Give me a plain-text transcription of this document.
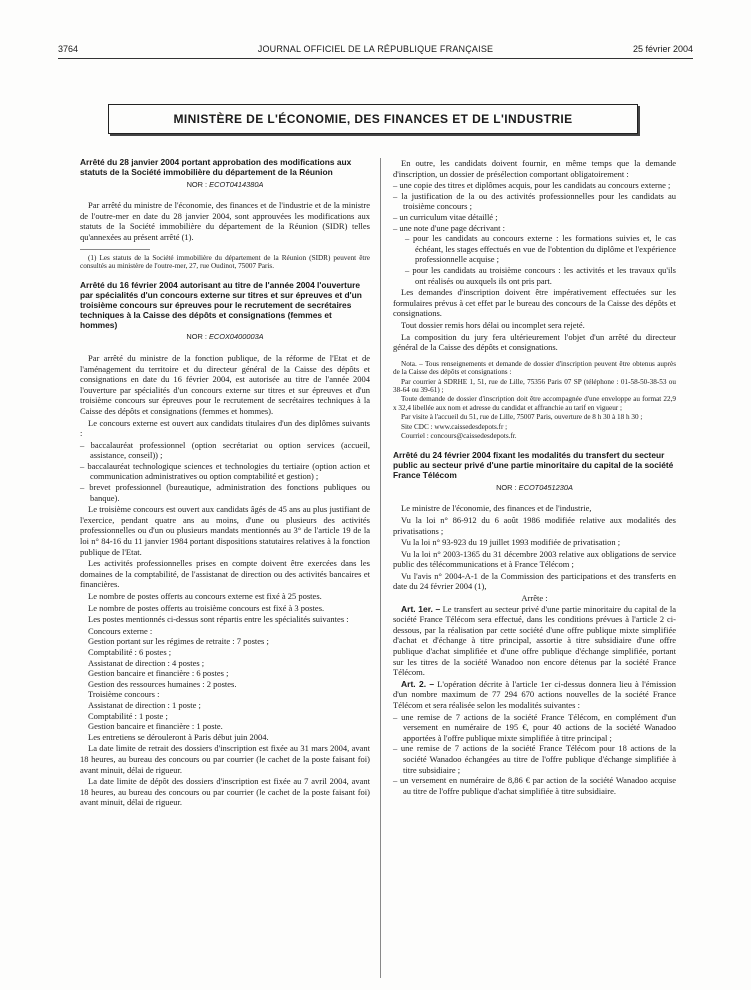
3764	JOURNAL OFFICIEL DE LA RÉPUBLIQUE FRANÇAISE	25 février 2004
MINISTÈRE DE L'ÉCONOMIE, DES FINANCES ET DE L'INDUSTRIE
Arrêté du 28 janvier 2004 portant approbation des modifications aux statuts de la Société immobilière du département de la Réunion
NOR : ECOT0414380A

Par arrêté du ministre de l'économie, des finances et de l'industrie et de la ministre de l'outre-mer en date du 28 janvier 2004, sont approuvées les modifications aux statuts de la Société immobilière du département de la Réunion (SIDR) telles qu'annexées au présent arrêté (1).

(1) Les statuts de la Société immobilière du département de la Réunion (SIDR) peuvent être consultés au ministère de l'outre-mer, 27, rue Oudinot, 75007 Paris.

Arrêté du 16 février 2004 autorisant au titre de l'année 2004 l'ouverture par spécialités d'un concours externe sur titres et sur épreuves et d'un troisième concours sur épreuves pour le recrutement de secrétaires techniques à la Caisse des dépôts et consignations (femmes et hommes)
NOR : ECOX0400003A

Par arrêté du ministre de la fonction publique, de la réforme de l'Etat et de l'aménagement du territoire et du directeur général de la Caisse des dépôts et consignations en date du 16 février 2004, est autorisée au titre de l'année 2004 l'ouverture par spécialités d'un concours externe sur titres et sur épreuves et d'un troisième concours sur épreuves pour le recrutement de secrétaires techniques à la Caisse des dépôts et consignations (femmes et hommes).

Le concours externe est ouvert aux candidats titulaires d'un des diplômes suivants :

– baccalauréat professionnel (option secrétariat ou option services (accueil, assistance, conseil)) ;
– baccalauréat technologique sciences et technologies du tertiaire (option action et communication administratives ou option comptabilité et gestion) ;
– brevet professionnel (bureautique, administration des fonctions publiques ou banque).

Le troisième concours est ouvert aux candidats âgés de 45 ans au plus justifiant de l'exercice, pendant quatre ans au moins, d'une ou plusieurs des activités professionnelles ou d'un ou plusieurs mandats mentionnés au 3° de l'article 19 de la loi n° 84-16 du 11 janvier 1984 portant dispositions statutaires relatives à la fonction publique de l'Etat.

Les activités professionnelles prises en compte doivent être exercées dans les domaines de la comptabilité, de l'assistanat de direction ou des activités bancaires et financières.

Le nombre de postes offerts au concours externe est fixé à 25 postes.

Le nombre de postes offerts au troisième concours est fixé à 3 postes.

Les postes mentionnés ci-dessus sont répartis entre les spécialités suivantes :

Concours externe :
Gestion portant sur les régimes de retraite : 7 postes ;
Comptabilité : 6 postes ;
Assistanat de direction : 4 postes ;
Gestion bancaire et financière : 6 postes ;
Gestion des ressources humaines : 2 postes.
Troisième concours :
Assistanat de direction : 1 poste ;
Comptabilité : 1 poste ;
Gestion bancaire et financière : 1 poste.

Les entretiens se dérouleront à Paris début juin 2004.

La date limite de retrait des dossiers d'inscription est fixée au 31 mars 2004, avant 18 heures, au bureau des concours ou par courrier (le cachet de la poste faisant foi) avant minuit, délai de rigueur.

La date limite de dépôt des dossiers d'inscription est fixée au 7 avril 2004, avant 18 heures, au bureau des concours ou par courrier (le cachet de la poste faisant foi) avant minuit, délai de rigueur.

En outre, les candidats doivent fournir, en même temps que la demande d'inscription, un dossier de présélection comportant obligatoirement :

– une copie des titres et diplômes acquis, pour les candidats au concours externe ;
– la justification de la ou des activités professionnelles pour les candidats au troisième concours ;
– un curriculum vitae détaillé ;
– une note d'une page décrivant :
– pour les candidats au concours externe : les formations suivies et, le cas échéant, les stages effectués en vue de l'obtention du diplôme et l'expérience professionnelle acquise ;
– pour les candidats au troisième concours : les activités et les travaux qu'ils ont réalisés ou auxquels ils ont pris part.

Les demandes d'inscription doivent être impérativement effectuées sur les formulaires prévus à cet effet par le bureau des concours de la Caisse des dépôts et consignations.

Tout dossier remis hors délai ou incomplet sera rejeté.

La composition du jury fera ultérieurement l'objet d'un arrêté du directeur général de la Caisse des dépôts et consignations.

Nota. – Tous renseignements et demande de dossier d'inscription peuvent être obtenus auprès de la Caisse des dépôts et consignations :

Par courrier à SDRHE 1, 51, rue de Lille, 75356 Paris 07 SP (téléphone : 01-58-50-38-53 ou 38-64 ou 39-61) ;

Toute demande de dossier d'inscription doit être accompagnée d'une enveloppe au format 22,9 x 32,4 libellée aux nom et adresse du candidat et affranchie au tarif en vigueur ;

Par visite à l'accueil du 51, rue de Lille, 75007 Paris, ouverture de 8 h 30 à 18 h 30 ;

Site CDC : www.caissedesdepots.fr ;

Courriel : concours@caissedesdepots.fr.

Arrêté du 24 février 2004 fixant les modalités du transfert du secteur public au secteur privé d'une partie minoritaire du capital de la société France Télécom
NOR : ECOT0451230A

Le ministre de l'économie, des finances et de l'industrie,

Vu la loi n° 86-912 du 6 août 1986 modifiée relative aux modalités des privatisations ;

Vu la loi n° 93-923 du 19 juillet 1993 modifiée de privatisation ;

Vu la loi n° 2003-1365 du 31 décembre 2003 relative aux obligations de service public des télécommunications et à France Télécom ;

Vu l'avis n° 2004-A-1 de la Commission des participations et des transferts en date du 24 février 2004 (1),

Arrête :

Art. 1er. – Le transfert au secteur privé d'une partie minoritaire du capital de la société France Télécom sera effectué, dans les conditions prévues à l'article 2 ci-dessous, par la réalisation par cette société d'une offre publique mixte simplifiée d'achat et d'échange à titre principal, assortie à titre subsidiaire d'une offre publique d'achat simplifiée et d'une offre publique d'échange simplifiée, portant sur les titres de la société Wanadoo non encore détenus par la société France Télécom.

Art. 2. – L'opération décrite à l'article 1er ci-dessus donnera lieu à l'émission d'un nombre maximum de 77 294 670 actions nouvelles de la société France Télécom et sera réalisée selon les modalités suivantes :

– une remise de 7 actions de la société France Télécom, en complément d'un versement en numéraire de 195 €, pour 40 actions de la société Wanadoo apportées à l'offre publique mixte simplifiée à titre principal ;
– une remise de 7 actions de la société France Télécom pour 18 actions de la société Wanadoo échangées au titre de l'offre publique d'échange simplifiée à titre subsidiaire ;
– un versement en numéraire de 8,86 € par action de la société Wanadoo acquise au titre de l'offre publique d'achat simplifiée à titre subsidiaire.
